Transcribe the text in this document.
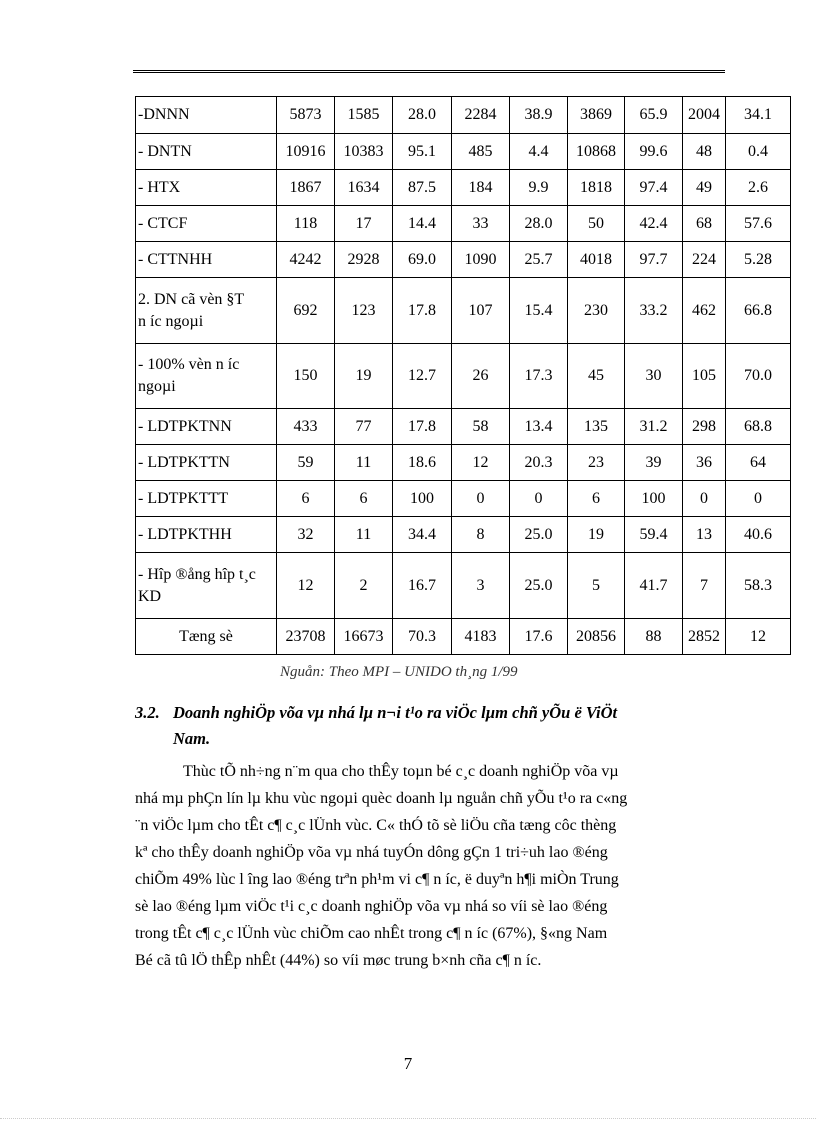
-DNNN	5873	1585	28.0	2284	38.9	3869	65.9	2004	34.1
- DNTN	10916	10383	95.1	485	4.4	10868	99.6	48	0.4
- HTX	1867	1634	87.5	184	9.9	1818	97.4	49	2.6
- CTCF	118	17	14.4	33	28.0	50	42.4	68	57.6
- CTTNHH	4242	2928	69.0	1090	25.7	4018	97.7	224	5.28

2. DN cã vèn §T
n íc ngoµi	692	123	17.8	107	15.4	230	33.2	462	66.8

- 100% vèn n íc
ngoµi	150	19	12.7	26	17.3	45	30	105	70.0
- LDTPKTNN	433	77	17.8	58	13.4	135	31.2	298	68.8
- LDTPKTTN	59	11	18.6	12	20.3	23	39	36	64
- LDTPKTTT	6	6	100	0	0	6	100	0	0
- LDTPKTHH	32	11	34.4	8	25.0	19	59.4	13	40.6

- Hîp ®ång hîp t¸c
KD	12	2	16.7	3	25.0	5	41.7	7	58.3
Tæng sè	23708	16673	70.3	4183	17.6	20856	88	2852	12
Nguån: Theo MPI – UNIDO th¸ng 1/99
3.2. Doanh nghiÖp võa vµ nhá lµ n¬i t¹o ra viÖc lµm chñ yÕu ë ViÖt
Nam.
Thùc tÕ nh÷ng n¨m qua cho thÊy toµn bé c¸c doanh nghiÖp võa vµ
nhá mµ phÇn lín lµ khu vùc ngoµi quèc doanh lµ nguån chñ yÕu t¹o ra c«ng
¨n viÖc lµm cho tÊt c¶ c¸c lÜnh vùc. C« thÓ tõ sè liÖu cña tæng côc thèng
kª cho thÊy doanh nghiÖp võa vµ nhá tuyÓn dông gÇn 1 tri÷uh lao ®éng
chiÕm 49% lùc l îng lao ®éng trªn ph¹m vi c¶ n íc, ë duyªn h¶i miÒn Trung
sè lao ®éng lµm viÖc t¹i c¸c doanh nghiÖp võa vµ nhá so víi sè lao ®éng
trong tÊt c¶ c¸c lÜnh vùc chiÕm cao nhÊt trong c¶ n íc (67%), §«ng Nam
Bé cã tû lÖ thÊp nhÊt (44%) so víi møc trung b×nh cña c¶ n íc.
7
